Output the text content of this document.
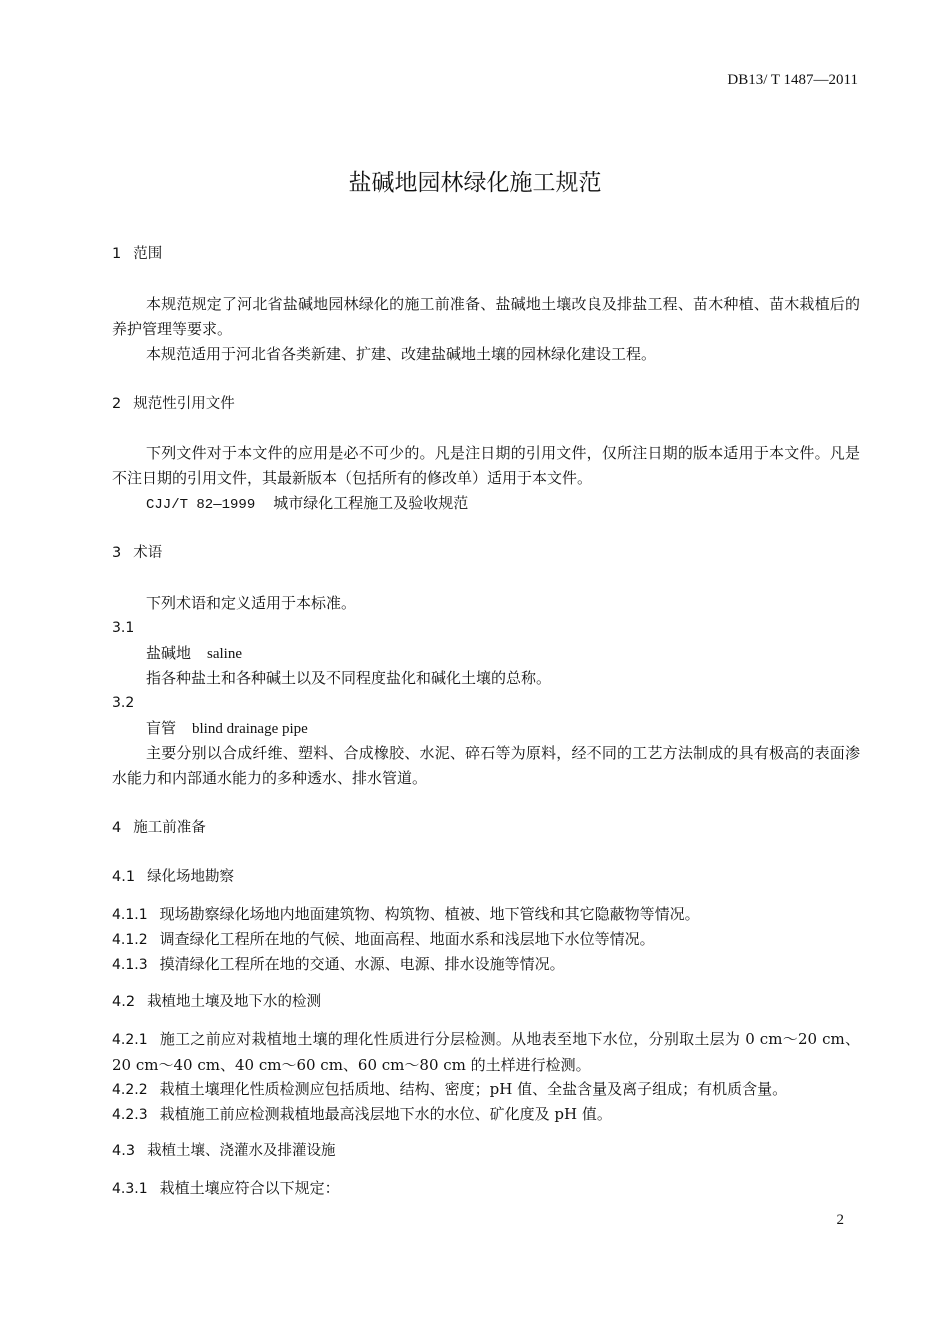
DB13/ T 1487—2011
盐碱地园林绿化施工规范
1 范围
本规范规定了河北省盐碱地园林绿化的施工前准备、盐碱地土壤改良及排盐工程、苗木种植、苗木栽植后的养护管理等要求。
本规范适用于河北省各类新建、扩建、改建盐碱地土壤的园林绿化建设工程。
2 规范性引用文件
下列文件对于本文件的应用是必不可少的。凡是注日期的引用文件，仅所注日期的版本适用于本文件。凡是不注日期的引用文件，其最新版本（包括所有的修改单）适用于本文件。
CJJ/T 82—1999 城市绿化工程施工及验收规范
3 术语
下列术语和定义适用于本标准。
3.1
盐碱地 saline
指各种盐土和各种碱土以及不同程度盐化和碱化土壤的总称。
3.2
盲管 blind drainage pipe
主要分别以合成纤维、塑料、合成橡胶、水泥、碎石等为原料，经不同的工艺方法制成的具有极高的表面渗水能力和内部通水能力的多种透水、排水管道。
4 施工前准备
4.1 绿化场地勘察
4.1.1 现场勘察绿化场地内地面建筑物、构筑物、植被、地下管线和其它隐蔽物等情况。
4.1.2 调查绿化工程所在地的气候、地面高程、地面水系和浅层地下水位等情况。
4.1.3 摸清绿化工程所在地的交通、水源、电源、排水设施等情况。
4.2 栽植地土壤及地下水的检测
4.2.1 施工之前应对栽植地土壤的理化性质进行分层检测。从地表至地下水位，分别取土层为 0 cm～20 cm、20 cm～40 cm、40 cm～60 cm、60 cm～80 cm 的土样进行检测。
4.2.2 栽植土壤理化性质检测应包括质地、结构、密度；pH 值、全盐含量及离子组成；有机质含量。
4.2.3 栽植施工前应检测栽植地最高浅层地下水的水位、矿化度及 pH 值。
4.3 栽植土壤、浇灌水及排灌设施
4.3.1 栽植土壤应符合以下规定：
2
